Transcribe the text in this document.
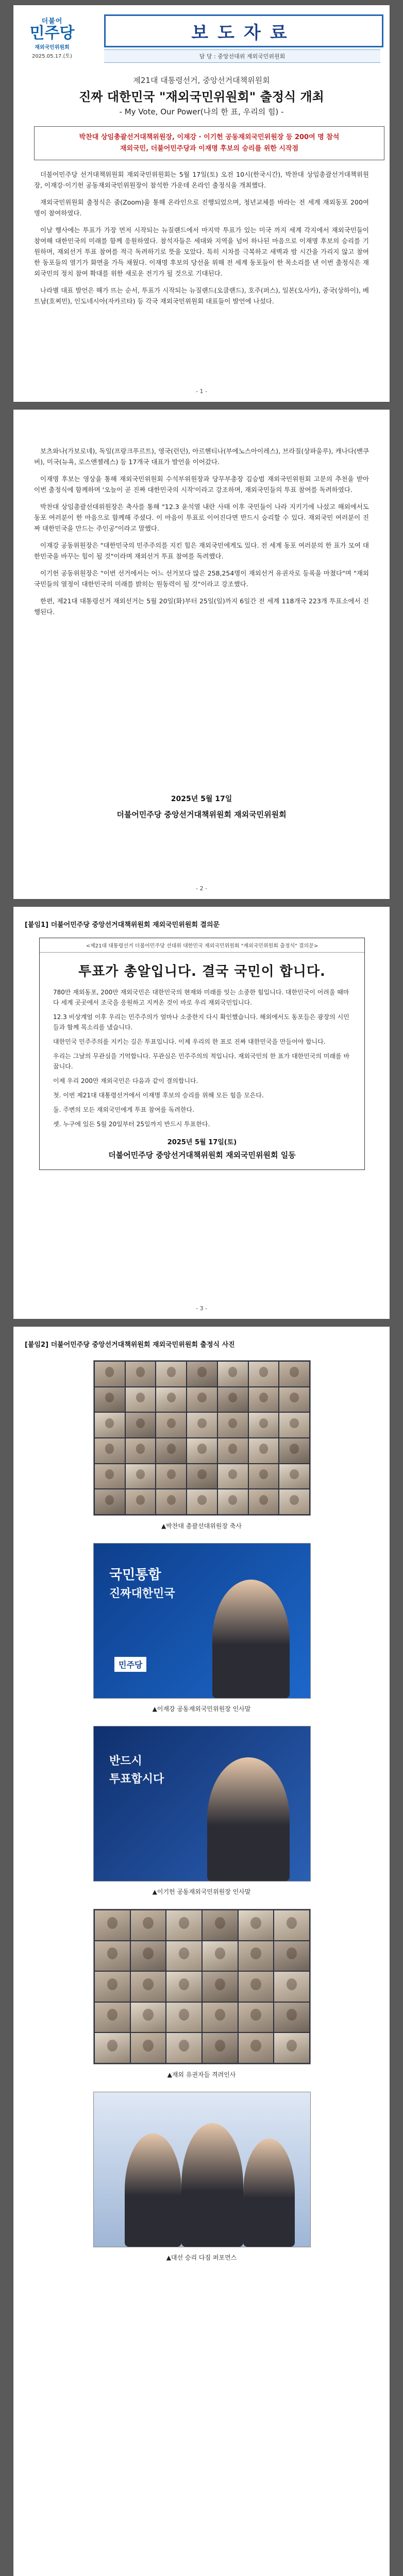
더불어
민주당
재외국민위원회
2025.05.17.(토)
보도자료
담 당 : 중앙선대위 재외국민위원회
제21대 대통령선거, 중앙선거대책위원회
진짜 대한민국 "재외국민위원회" 출정식 개최
- My Vote, Our Power(나의 한 표, 우리의 힘) -
박찬대 상임총괄선거대책위원장, 이재강 · 이기헌 공동재외국민위원장 등 200여 명 참석
재외국민, 더불어민주당과 이재명 후보의 승리를 위한 시작점

더불어민주당 선거대책위원회 재외국민위원회는 5월 17일(토) 오전 10시(한국시간), 박찬대 상임총괄선거대책위원장, 이재강·이기헌 공동재외국민위원장이 참석한 가운데 온라인 출정식을 개최했다.

재외국민위원회 출정식은 줌(Zoom)을 통해 온라인으로 진행되었으며, 청년교체를 바라는 전 세계 재외동포 200여 명이 참여하였다.

이날 행사에는 투표가 가장 먼저 시작되는 뉴질랜드에서 마지막 투표가 있는 미국 까지 세계 각지에서 재외국민들이 참여해 대한민국의 미래를 함께 응원하였다. 참석자들은 세대와 지역을 넘어 하나된 마음으로 이재명 후보의 승리를 기원하며, 재외선거 투표 참여를 적극 독려하기로 뜻을 모았다. 특히 시차를 극복하고 새벽과 밤 시간을 가리지 않고 참여한 동포들의 열기가 화면을 가득 채웠다. 이재명 후보의 당선을 위해 전 세계 동포들이 한 목소리를 낸 이번 출정식은 재외국민의 정치 참여 확대를 위한 새로운 전기가 될 것으로 기대된다.

나라별 대표 발언은 해가 뜨는 순서, 투표가 시작되는 뉴질랜드(오클랜드), 호주(퍼스), 일본(오사카), 중국(상하이), 베트남(호찌민), 인도네시아(자카르타) 등 각국 재외국민위원회 대표들이 발언에 나섰다.

- 1 -

보츠와나(가보로네), 독일(프랑크푸르트), 영국(런던), 아르헨티나(부에노스아이레스), 브라질(상파울루), 캐나다(밴쿠버), 미국(뉴욕, 로스앤젤레스) 등 17개국 대표가 발언을 이어갔다.

이재명 후보는 영상을 통해 재외국민위원회 수석부위원장과 당무부총장 김승범 재외국민위원회 고문의 추천을 받아 이번 출정식에 함께하며 '오늘이 곧 진짜 대한민국의 시작'이라고 강조하며, 재외국민들의 투표 참여를 독려하였다.

박찬대 상임총괄선대위원장은 축사를 통해 "12.3 윤석열 내란 사태 이후 국민들이 나라 지키기에 나섰고 해외에서도 동포 여러분이 한 마음으로 함께해 주셨다. 이 마음이 투표로 이어진다면 반드시 승리할 수 있다. 재외국민 여러분이 진짜 대한민국을 만드는 주인공"이라고 말했다.

이재강 공동위원장은 "대한민국의 민주주의를 지킨 힘은 재외국민에게도 있다. 전 세계 동포 여러분의 한 표가 모여 대한민국을 바꾸는 힘이 될 것"이라며 재외선거 투표 참여를 독려했다.

이기헌 공동위원장은 "이번 선거에서는 어느 선거보다 많은 258,254명이 재외선거 유권자로 등록을 마쳤다"며 "재외국민들의 열정이 대한민국의 미래를 밝히는 원동력이 될 것"이라고 강조했다.

한편, 제21대 대통령선거 재외선거는 5월 20일(화)부터 25일(일)까지 6일간 전 세계 118개국 223개 투표소에서 진행된다.

2025년 5월 17일
더불어민주당 중앙선거대책위원회 재외국민위원회
- 2 -
[붙임1] 더불어민주당 중앙선거대책위원회 재외국민위원회 결의문
<제21대 대통령선거 더불어민주당 선대위 대한민국 재외국민위원회 "재외국민위원회 출정식" 결의문>
투표가 총알입니다. 결국 국민이 합니다.

780만 재외동포, 200만 재외국민은 대한민국의 현재와 미래를 잇는 소중한 힘입니다. 대한민국이 어려울 때마다 세계 곳곳에서 조국을 응원하고 지켜온 것이 바로 우리 재외국민입니다.

12.3 비상계엄 이후 우리는 민주주의가 얼마나 소중한지 다시 확인했습니다. 해외에서도 동포들은 광장의 시민들과 함께 목소리를 냈습니다.

대한민국 민주주의를 지키는 길은 투표입니다. 이제 우리의 한 표로 진짜 대한민국을 만들어야 합니다.

우리는 그날의 무관심을 기억합니다. 무관심은 민주주의의 적입니다. 재외국민의 한 표가 대한민국의 미래를 바꿉니다.

이제 우리 200만 재외국민은 다음과 같이 결의합니다.

첫. 이번 제21대 대통령선거에서 이재명 후보의 승리를 위해 모든 힘을 모은다.

둘. 주변의 모든 재외국민에게 투표 참여를 독려한다.

셋. 누구에 있든 5월 20일부터 25일까지 반드시 투표한다.

2025년 5월 17일(토)
더불어민주당 중앙선거대책위원회 재외국민위원회 일동
- 3 -
[붙임2] 더불어민주당 중앙선거대책위원회 재외국민위원회 출정식 사진
▲박찬대 총괄선대위원장 축사
국민통합
진짜대한민국
민주당
▲이재강 공동재외국민위원장 인사말
반드시
투표합시다
▲이기헌 공동재외국민위원장 인사말
▲재외 유권자들 격려인사
▲대선 승리 다짐 퍼포먼스
